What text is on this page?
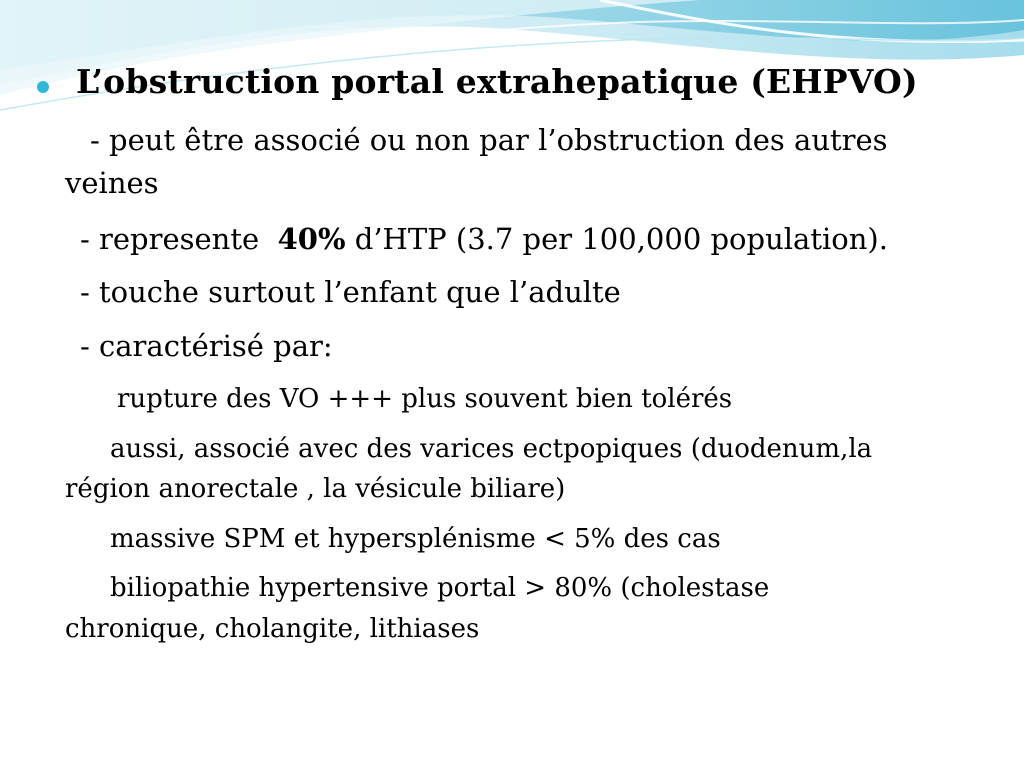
L’obstruction portal extrahepatique (EHPVO)
- peut être associé ou non par l’obstruction des autres
veines
- represente 40% d’HTP (3.7 per 100,000 population).
- touche surtout l’enfant que l’adulte
- caractérisé par:
rupture des VO +++ plus souvent bien tolérés
aussi, associé avec des varices ectpopiques (duodenum,la
région anorectale , la vésicule biliare)
massive SPM et hypersplénisme < 5% des cas
biliopathie hypertensive portal > 80% (cholestase
chronique, cholangite, lithiases
